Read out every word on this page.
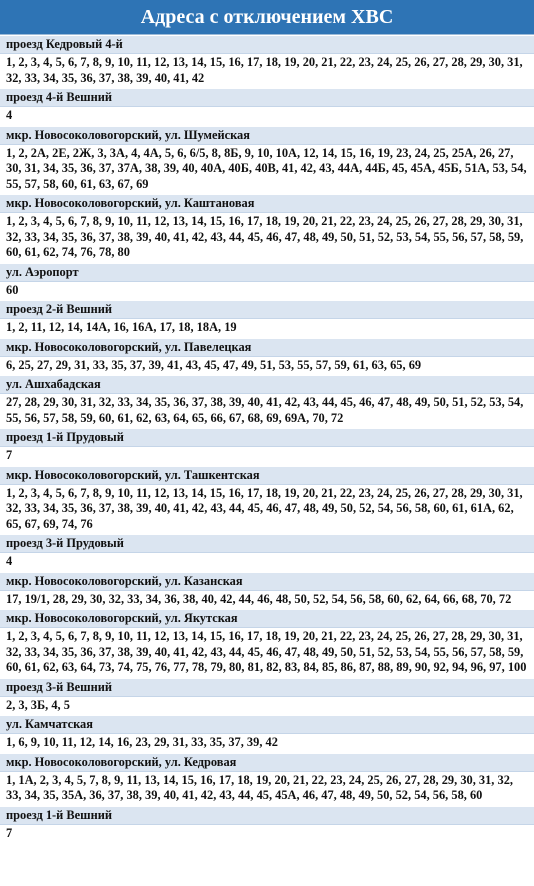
Адреса с отключением ХВС
проезд Кедровый 4-й
1, 2, 3, 4, 5, 6, 7, 8, 9, 10, 11, 12, 13, 14, 15, 16, 17, 18, 19, 20, 21, 22, 23, 24, 25, 26, 27, 28, 29, 30, 31, 32, 33, 34, 35, 36, 37, 38, 39, 40, 41, 42
проезд 4-й Вешний
4
мкр. Новосоколовогорский, ул. Шумейская
1, 2, 2А, 2Е, 2Ж, 3, 3А, 4, 4А, 5, 6, 6/5, 8, 8Б, 9, 10, 10А, 12, 14, 15, 16, 19, 23, 24, 25, 25А, 26, 27, 30, 31, 34, 35, 36, 37, 37А, 38, 39, 40, 40А, 40Б, 40В, 41, 42, 43, 44А, 44Б, 45, 45А, 45Б, 51А, 53, 54, 55, 57, 58, 60, 61, 63, 67, 69
мкр. Новосоколовогорский, ул. Каштановая
1, 2, 3, 4, 5, 6, 7, 8, 9, 10, 11, 12, 13, 14, 15, 16, 17, 18, 19, 20, 21, 22, 23, 24, 25, 26, 27, 28, 29, 30, 31, 32, 33, 34, 35, 36, 37, 38, 39, 40, 41, 42, 43, 44, 45, 46, 47, 48, 49, 50, 51, 52, 53, 54, 55, 56, 57, 58, 59, 60, 61, 62, 74, 76, 78, 80
ул. Аэропорт
60
проезд 2-й Вешний
1, 2, 11, 12, 14, 14А, 16, 16А, 17, 18, 18А, 19
мкр. Новосоколовогорский, ул. Павелецкая
6, 25, 27, 29, 31, 33, 35, 37, 39, 41, 43, 45, 47, 49, 51, 53, 55, 57, 59, 61, 63, 65, 69
ул. Ашхабадская
27, 28, 29, 30, 31, 32, 33, 34, 35, 36, 37, 38, 39, 40, 41, 42, 43, 44, 45, 46, 47, 48, 49, 50, 51, 52, 53, 54, 55, 56, 57, 58, 59, 60, 61, 62, 63, 64, 65, 66, 67, 68, 69, 69А, 70, 72
проезд 1-й Прудовый
7
мкр. Новосоколовогорский, ул. Ташкентская
1, 2, 3, 4, 5, 6, 7, 8, 9, 10, 11, 12, 13, 14, 15, 16, 17, 18, 19, 20, 21, 22, 23, 24, 25, 26, 27, 28, 29, 30, 31, 32, 33, 34, 35, 36, 37, 38, 39, 40, 41, 42, 43, 44, 45, 46, 47, 48, 49, 50, 52, 54, 56, 58, 60, 61, 61А, 62, 65, 67, 69, 74, 76
проезд 3-й Прудовый
4
мкр. Новосоколовогорский, ул. Казанская
17, 19/1, 28, 29, 30, 32, 33, 34, 36, 38, 40, 42, 44, 46, 48, 50, 52, 54, 56, 58, 60, 62, 64, 66, 68, 70, 72
мкр. Новосоколовогорский, ул. Якутская
1, 2, 3, 4, 5, 6, 7, 8, 9, 10, 11, 12, 13, 14, 15, 16, 17, 18, 19, 20, 21, 22, 23, 24, 25, 26, 27, 28, 29, 30, 31, 32, 33, 34, 35, 36, 37, 38, 39, 40, 41, 42, 43, 44, 45, 46, 47, 48, 49, 50, 51, 52, 53, 54, 55, 56, 57, 58, 59, 60, 61, 62, 63, 64, 73, 74, 75, 76, 77, 78, 79, 80, 81, 82, 83, 84, 85, 86, 87, 88, 89, 90, 92, 94, 96, 97, 100
проезд 3-й Вешний
2, 3, 3Б, 4, 5
ул. Камчатская
1, 6, 9, 10, 11, 12, 14, 16, 23, 29, 31, 33, 35, 37, 39, 42
мкр. Новосоколовогорский, ул. Кедровая
1, 1А, 2, 3, 4, 5, 7, 8, 9, 11, 13, 14, 15, 16, 17, 18, 19, 20, 21, 22, 23, 24, 25, 26, 27, 28, 29, 30, 31, 32, 33, 34, 35, 35А, 36, 37, 38, 39, 40, 41, 42, 43, 44, 45, 45А, 46, 47, 48, 49, 50, 52, 54, 56, 58, 60
проезд 1-й Вешний
7
